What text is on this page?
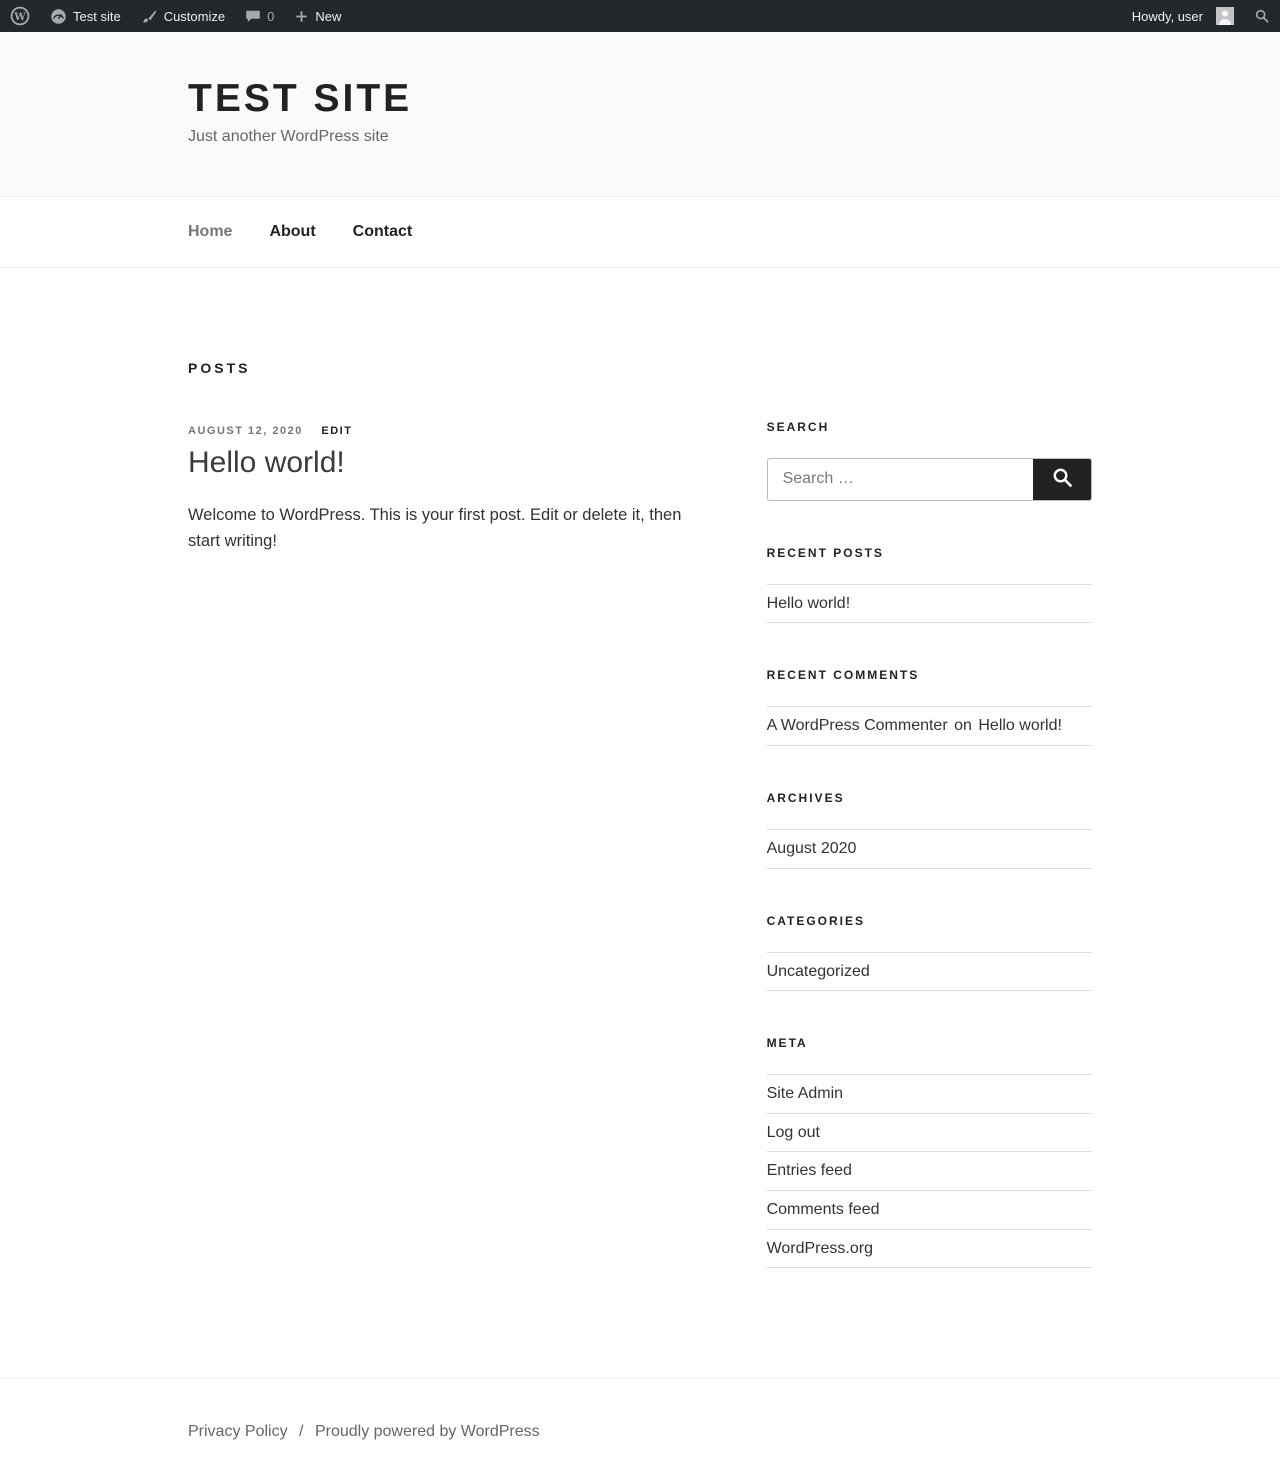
W	Test site	Customize	0	New	Howdy, user
TEST SITE

Just another WordPress site

Home About Contact
POSTS
AUGUST 12, 2020 EDIT
Hello world!

Welcome to WordPress. This is your first post. Edit or delete it, then start writing!

SEARCH
Search …
RECENT POSTS
Hello world!
RECENT COMMENTS
A WordPress Commenter on Hello world!
ARCHIVES
August 2020
CATEGORIES
Uncategorized
META
Site Admin
Log out
Entries feed
Comments feed
WordPress.org
Privacy Policy / Proudly powered by WordPress
